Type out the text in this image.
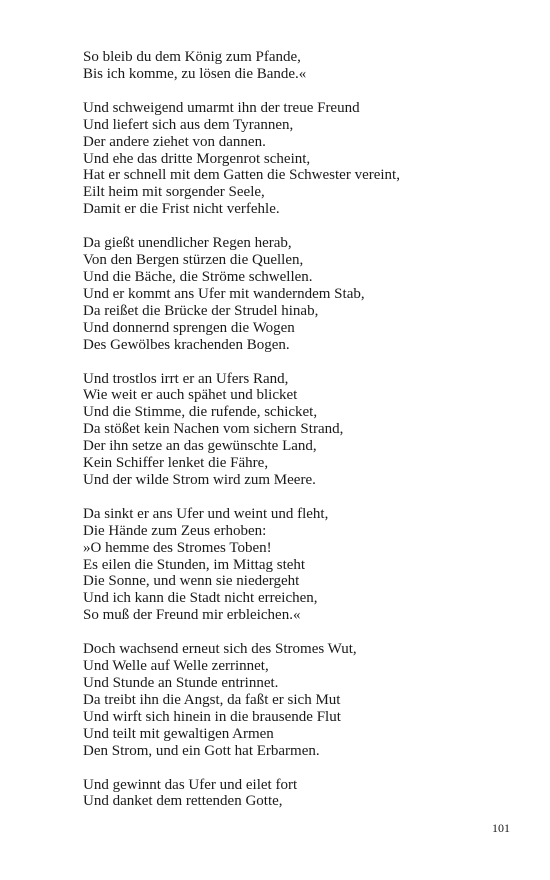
So bleib du dem König zum Pfande,
Bis ich komme, zu lösen die Bande.«
Und schweigend umarmt ihn der treue Freund
Und liefert sich aus dem Tyrannen,
Der andere ziehet von dannen.
Und ehe das dritte Morgenrot scheint,
Hat er schnell mit dem Gatten die Schwester vereint,
Eilt heim mit sorgender Seele,
Damit er die Frist nicht verfehle.
Da gießt unendlicher Regen herab,
Von den Bergen stürzen die Quellen,
Und die Bäche, die Ströme schwellen.
Und er kommt ans Ufer mit wanderndem Stab,
Da reißet die Brücke der Strudel hinab,
Und donnernd sprengen die Wogen
Des Gewölbes krachenden Bogen.
Und trostlos irrt er an Ufers Rand,
Wie weit er auch spähet und blicket
Und die Stimme, die rufende, schicket,
Da stößet kein Nachen vom sichern Strand,
Der ihn setze an das gewünschte Land,
Kein Schiffer lenket die Fähre,
Und der wilde Strom wird zum Meere.
Da sinkt er ans Ufer und weint und fleht,
Die Hände zum Zeus erhoben:
»O hemme des Stromes Toben!
Es eilen die Stunden, im Mittag steht
Die Sonne, und wenn sie niedergeht
Und ich kann die Stadt nicht erreichen,
So muß der Freund mir erbleichen.«
Doch wachsend erneut sich des Stromes Wut,
Und Welle auf Welle zerrinnet,
Und Stunde an Stunde entrinnet.
Da treibt ihn die Angst, da faßt er sich Mut
Und wirft sich hinein in die brausende Flut
Und teilt mit gewaltigen Armen
Den Strom, und ein Gott hat Erbarmen.
Und gewinnt das Ufer und eilet fort
Und danket dem rettenden Gotte,
101
